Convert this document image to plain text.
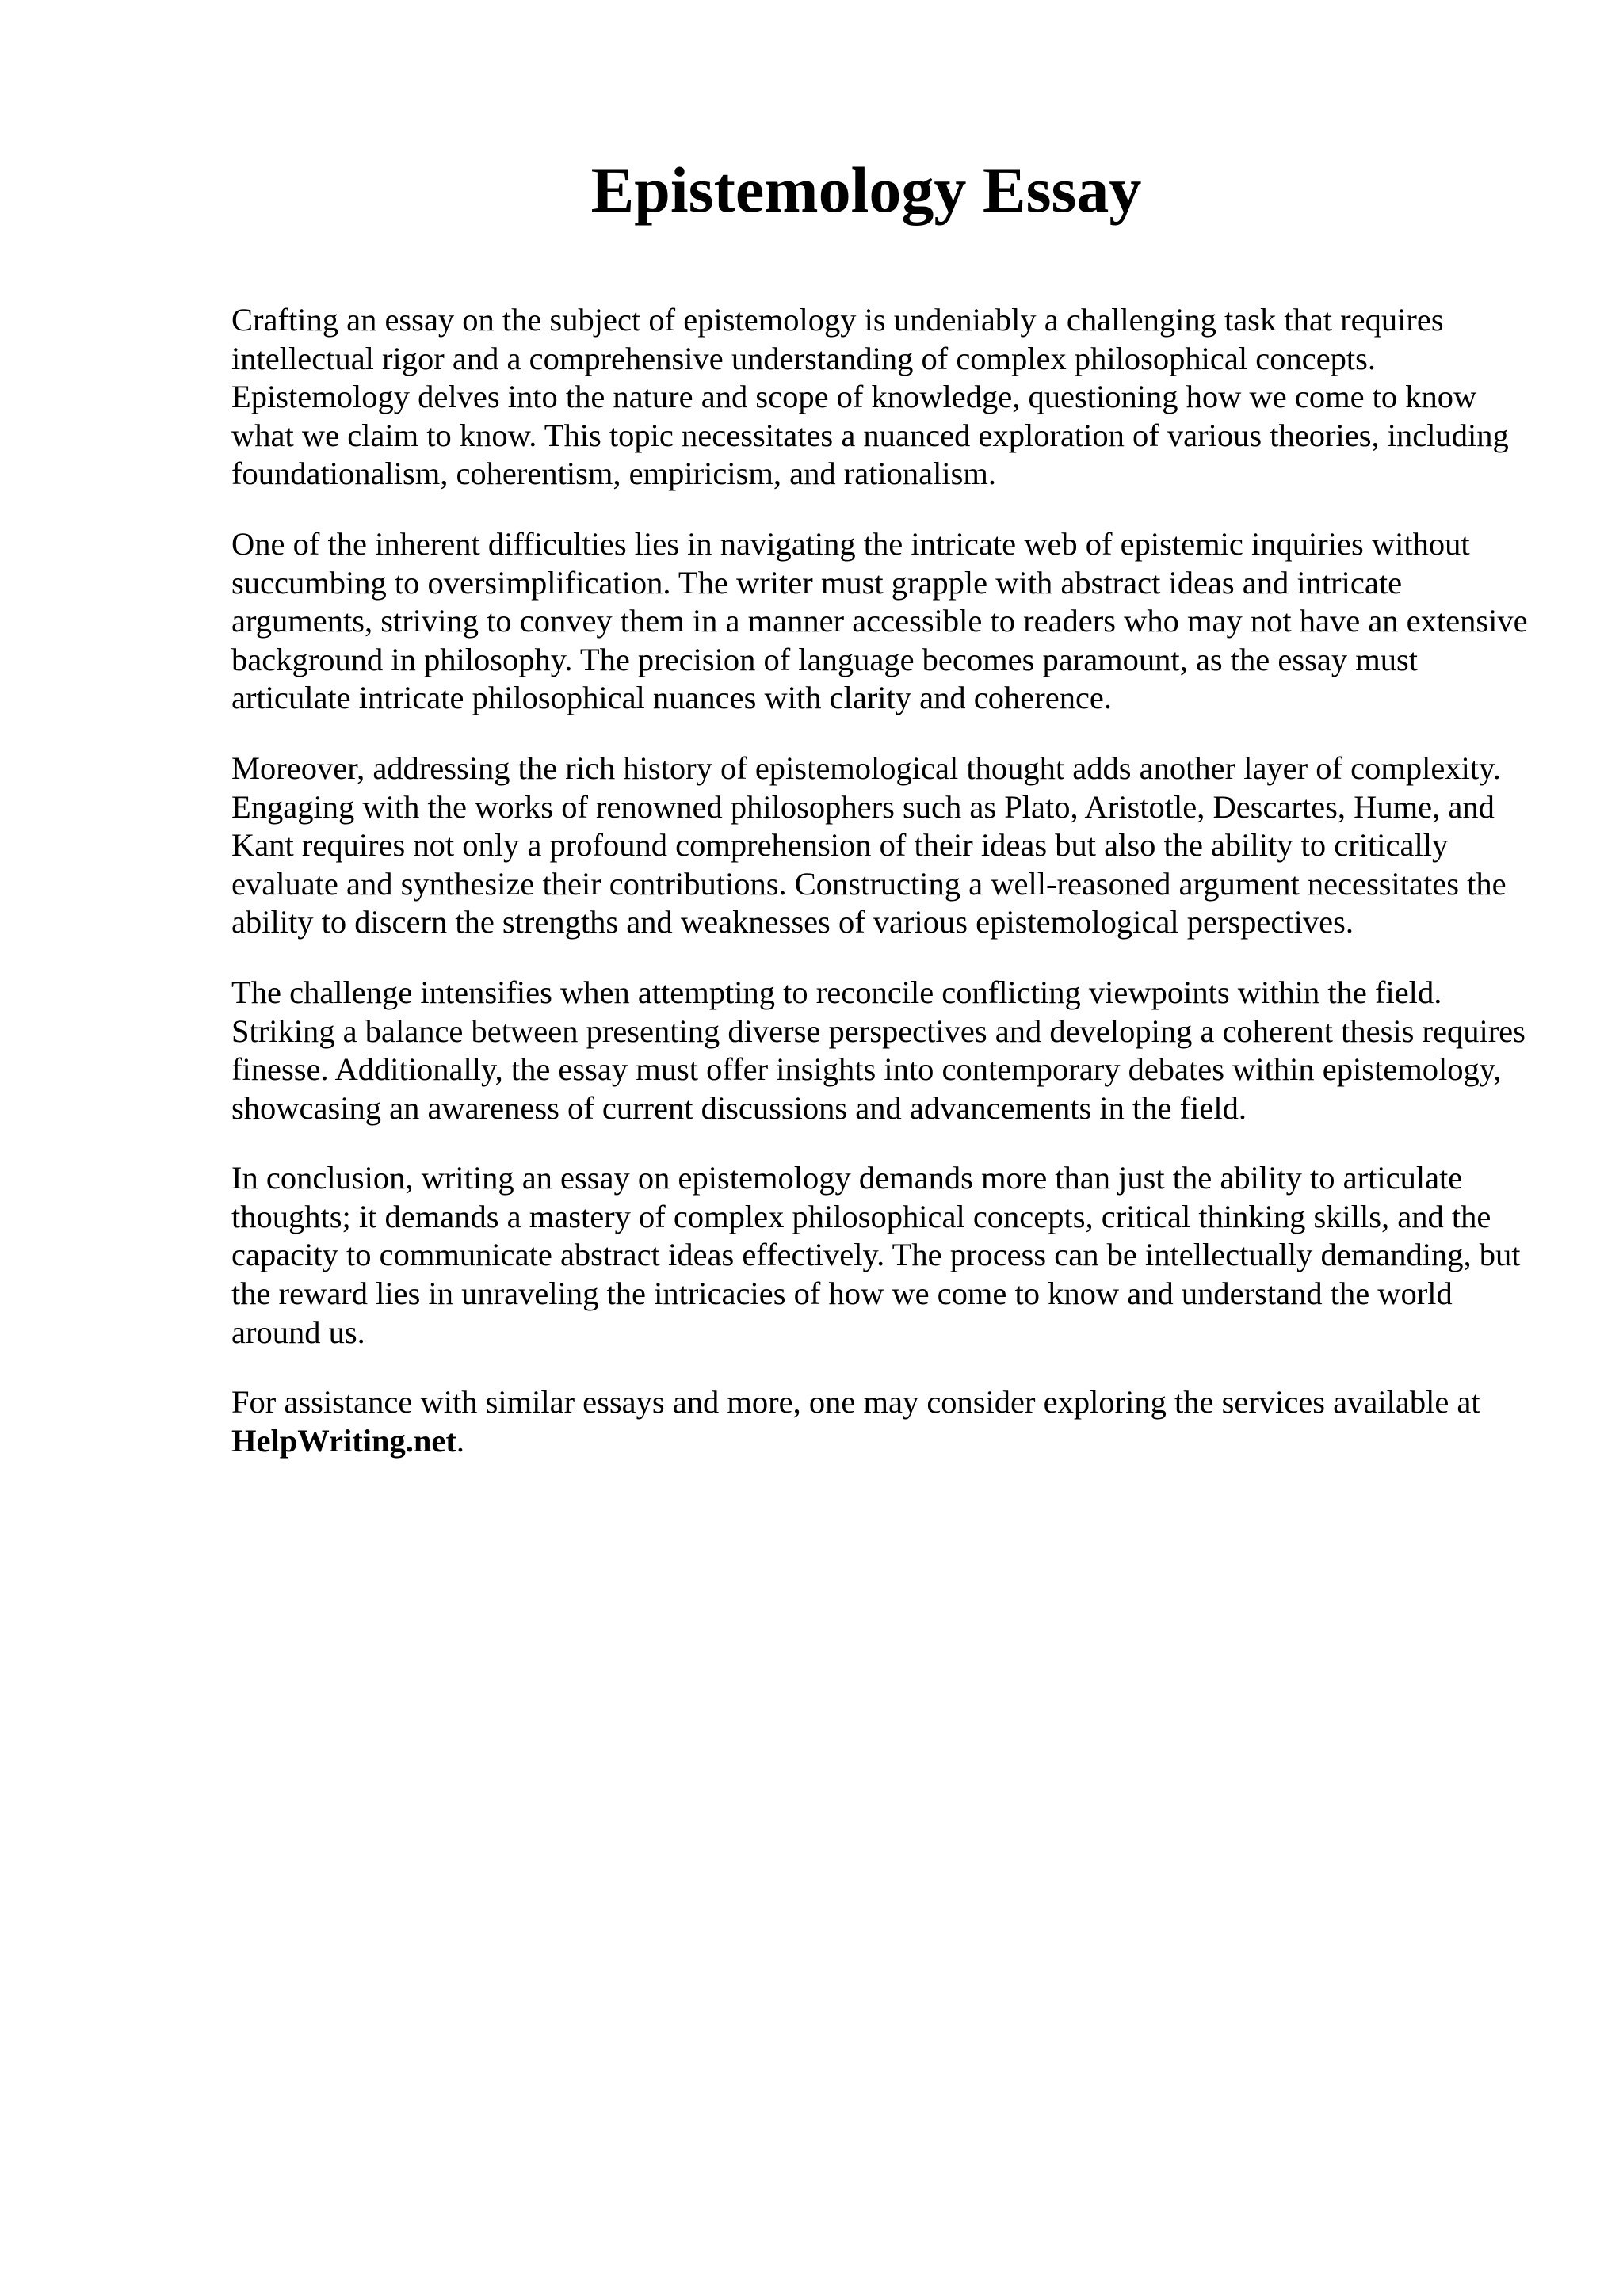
Epistemology Essay

Crafting an essay on the subject of epistemology is undeniably a challenging task that requires intellectual rigor and a comprehensive understanding of complex philosophical concepts. Epistemology delves into the nature and scope of knowledge, questioning how we come to know what we claim to know. This topic necessitates a nuanced exploration of various theories, including foundationalism, coherentism, empiricism, and rationalism.

One of the inherent difficulties lies in navigating the intricate web of epistemic inquiries without succumbing to oversimplification. The writer must grapple with abstract ideas and intricate arguments, striving to convey them in a manner accessible to readers who may not have an extensive background in philosophy. The precision of language becomes paramount, as the essay must articulate intricate philosophical nuances with clarity and coherence.

Moreover, addressing the rich history of epistemological thought adds another layer of complexity. Engaging with the works of renowned philosophers such as Plato, Aristotle, Descartes, Hume, and Kant requires not only a profound comprehension of their ideas but also the ability to critically evaluate and synthesize their contributions. Constructing a well-reasoned argument necessitates the ability to discern the strengths and weaknesses of various epistemological perspectives.

The challenge intensifies when attempting to reconcile conflicting viewpoints within the field. Striking a balance between presenting diverse perspectives and developing a coherent thesis requires finesse. Additionally, the essay must offer insights into contemporary debates within epistemology, showcasing an awareness of current discussions and advancements in the field.

In conclusion, writing an essay on epistemology demands more than just the ability to articulate thoughts; it demands a mastery of complex philosophical concepts, critical thinking skills, and the capacity to communicate abstract ideas effectively. The process can be intellectually demanding, but the reward lies in unraveling the intricacies of how we come to know and understand the world around us.

For assistance with similar essays and more, one may consider exploring the services available at HelpWriting.net.
